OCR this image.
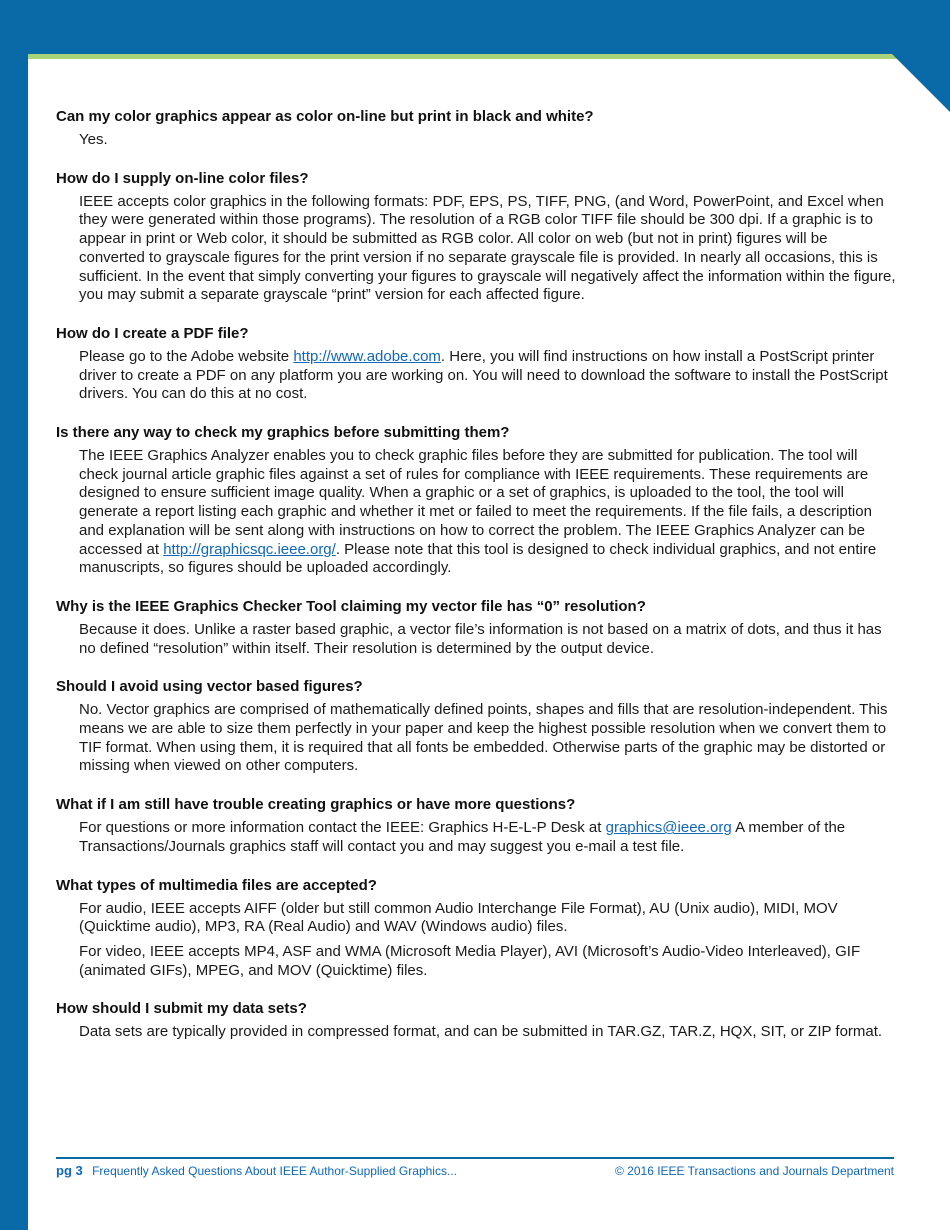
Can my color graphics appear as color on-line but print in black and white?
Yes.
How do I supply on-line color files?
IEEE accepts color graphics in the following formats: PDF, EPS, PS, TIFF, PNG, (and Word, PowerPoint, and Excel when they were generated within those programs). The resolution of a RGB color TIFF file should be 300 dpi. If a graphic is to appear in print or Web color, it should be submitted as RGB color. All color on web (but not in print) figures will be converted to grayscale figures for the print version if no separate grayscale file is provided. In nearly all occasions, this is sufficient. In the event that simply converting your figures to grayscale will negatively affect the information within the figure, you may submit a separate grayscale “print” version for each affected figure.
How do I create a PDF file?
Please go to the Adobe website http://www.adobe.com. Here, you will find instructions on how install a PostScript printer driver to create a PDF on any platform you are working on. You will need to download the software to install the PostScript drivers. You can do this at no cost.
Is there any way to check my graphics before submitting them?
The IEEE Graphics Analyzer enables you to check graphic files before they are submitted for publication. The tool will check journal article graphic files against a set of rules for compliance with IEEE requirements. These requirements are designed to ensure sufficient image quality. When a graphic or a set of graphics, is uploaded to the tool, the tool will generate a report listing each graphic and whether it met or failed to meet the requirements. If the file fails, a description and explanation will be sent along with instructions on how to correct the problem. The IEEE Graphics Analyzer can be accessed at http://graphicsqc.ieee.org/. Please note that this tool is designed to check individual graphics, and not entire manuscripts, so figures should be uploaded accordingly.
Why is the IEEE Graphics Checker Tool claiming my vector file has “0” resolution?
Because it does. Unlike a raster based graphic, a vector file’s information is not based on a matrix of dots, and thus it has no defined “resolution” within itself. Their resolution is determined by the output device.
Should I avoid using vector based figures?
No. Vector graphics are comprised of mathematically defined points, shapes and fills that are resolution-independent. This means we are able to size them perfectly in your paper and keep the highest possible resolution when we convert them to TIF format. When using them, it is required that all fonts be embedded. Otherwise parts of the graphic may be distorted or missing when viewed on other computers.
What if I am still have trouble creating graphics or have more questions?
For questions or more information contact the IEEE: Graphics H-E-L-P Desk at graphics@ieee.org A member of the Transactions/Journals graphics staff will contact you and may suggest you e-mail a test file.
What types of multimedia files are accepted?
For audio, IEEE accepts AIFF (older but still common Audio Interchange File Format), AU (Unix audio), MIDI, MOV (Quicktime audio), MP3, RA (Real Audio) and WAV (Windows audio) files.
For video, IEEE accepts MP4, ASF and WMA (Microsoft Media Player), AVI (Microsoft’s Audio-Video Interleaved), GIF (animated GIFs), MPEG, and MOV (Quicktime) files.
How should I submit my data sets?
Data sets are typically provided in compressed format, and can be submitted in TAR.GZ, TAR.Z, HQX, SIT, or ZIP format.
pg 3 Frequently Asked Questions About IEEE Author-Supplied Graphics...	© 2016 IEEE Transactions and Journals Department
